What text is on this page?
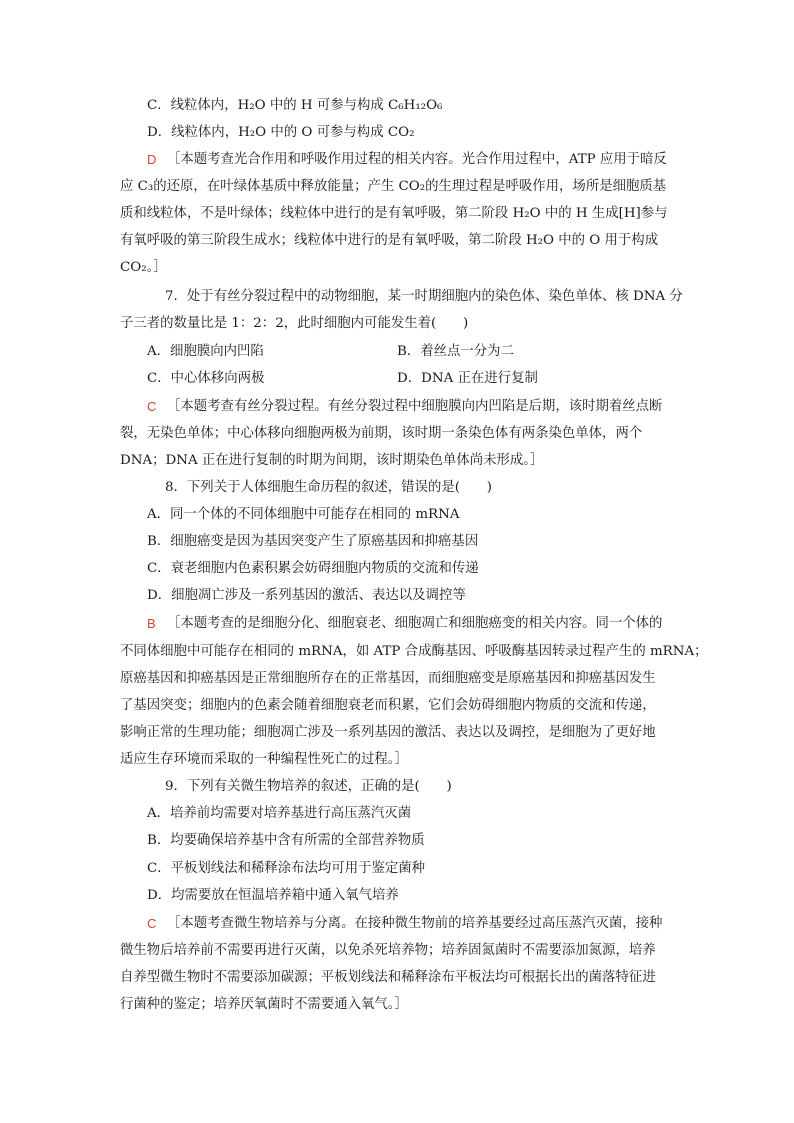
C．线粒体内，H₂O 中的 H 可参与构成 C₆H₁₂O₆
D．线粒体内，H₂O 中的 O 可参与构成 CO₂
D ［本题考查光合作用和呼吸作用过程的相关内容。光合作用过程中，ATP 应用于暗反
应 C₃的还原，在叶绿体基质中释放能量；产生 CO₂的生理过程是呼吸作用，场所是细胞质基
质和线粒体，不是叶绿体；线粒体中进行的是有氧呼吸，第二阶段 H₂O 中的 H 生成[H]参与
有氧呼吸的第三阶段生成水；线粒体中进行的是有氧呼吸，第二阶段 H₂O 中的 O 用于构成
CO₂。］
7．处于有丝分裂过程中的动物细胞，某一时期细胞内的染色体、染色单体、核 DNA 分
子三者的数量比是 1：2：2，此时细胞内可能发生着(　　)
A．细胞膜向内凹陷	B．着丝点一分为二
C．中心体移向两极	D．DNA 正在进行复制
C ［本题考查有丝分裂过程。有丝分裂过程中细胞膜向内凹陷是后期，该时期着丝点断
裂，无染色单体；中心体移向细胞两极为前期，该时期一条染色体有两条染色单体，两个
DNA；DNA 正在进行复制的时期为间期，该时期染色单体尚未形成。］
8．下列关于人体细胞生命历程的叙述，错误的是(　　)
A．同一个体的不同体细胞中可能存在相同的 mRNA
B．细胞癌变是因为基因突变产生了原癌基因和抑癌基因
C．衰老细胞内色素积累会妨碍细胞内物质的交流和传递
D．细胞凋亡涉及一系列基因的激活、表达以及调控等
B ［本题考查的是细胞分化、细胞衰老、细胞凋亡和细胞癌变的相关内容。同一个体的
不同体细胞中可能存在相同的 mRNA，如 ATP 合成酶基因、呼吸酶基因转录过程产生的 mRNA；
原癌基因和抑癌基因是正常细胞所存在的正常基因，而细胞癌变是原癌基因和抑癌基因发生
了基因突变；细胞内的色素会随着细胞衰老而积累，它们会妨碍细胞内物质的交流和传递，
影响正常的生理功能；细胞凋亡涉及一系列基因的激活、表达以及调控，是细胞为了更好地
适应生存环境而采取的一种编程性死亡的过程。］
9．下列有关微生物培养的叙述，正确的是(　　)
A．培养前均需要对培养基进行高压蒸汽灭菌
B．均要确保培养基中含有所需的全部营养物质
C．平板划线法和稀释涂布法均可用于鉴定菌种
D．均需要放在恒温培养箱中通入氧气培养
C ［本题考查微生物培养与分离。在接种微生物前的培养基要经过高压蒸汽灭菌，接种
微生物后培养前不需要再进行灭菌，以免杀死培养物；培养固氮菌时不需要添加氮源，培养
自养型微生物时不需要添加碳源；平板划线法和稀释涂布平板法均可根据长出的菌落特征进
行菌种的鉴定；培养厌氧菌时不需要通入氧气。］
